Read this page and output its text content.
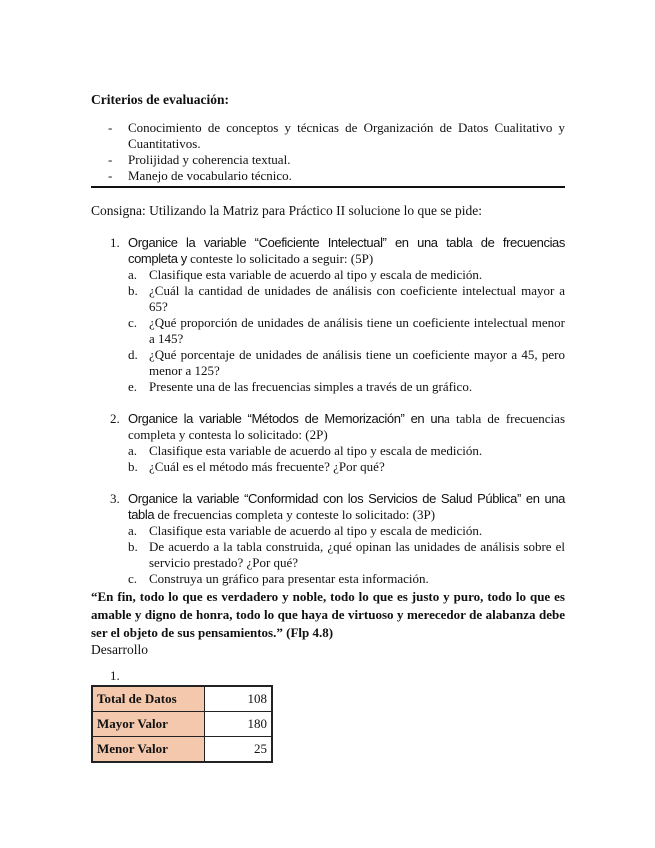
Criterios de evaluación:

- Conocimiento de conceptos y técnicas de Organización de Datos Cualitativo y Cuantitativos.

- Prolijidad y coherencia textual.

- Manejo de vocabulario técnico.

Consigna: Utilizando la Matriz para Práctico II solucione lo que se pide:
1. Organice la variable “Coeficiente Intelectual” en una tabla de frecuencias completa y conteste lo solicitado a seguir: (5P)
a. Clasifique esta variable de acuerdo al tipo y escala de medición.
b. ¿Cuál la cantidad de unidades de análisis con coeficiente intelectual mayor a 65?
c. ¿Qué proporción de unidades de análisis tiene un coeficiente intelectual menor a 145?
d. ¿Qué porcentaje de unidades de análisis tiene un coeficiente mayor a 45, pero menor a 125?
e. Presente una de las frecuencias simples a través de un gráfico.
2. Organice la variable “Métodos de Memorización” en una tabla de frecuencias completa y contesta lo solicitado: (2P)
a. Clasifique esta variable de acuerdo al tipo y escala de medición.
b. ¿Cuál es el método más frecuente? ¿Por qué?
3. Organice la variable “Conformidad con los Servicios de Salud Pública” en una tabla de frecuencias completa y conteste lo solicitado: (3P)
a. Clasifique esta variable de acuerdo al tipo y escala de medición.
b. De acuerdo a la tabla construida, ¿qué opinan las unidades de análisis sobre el servicio prestado? ¿Por qué?
c. Construya un gráfico para presentar esta información.
“En fin, todo lo que es verdadero y noble, todo lo que es justo y puro, todo lo que es amable y digno de honra, todo lo que haya de virtuoso y merecedor de alabanza debe ser el objeto de sus pensamientos.” (Flp 4.8)
Desarrollo
1.
Total de Datos	108
Mayor Valor	180
Menor Valor	25
